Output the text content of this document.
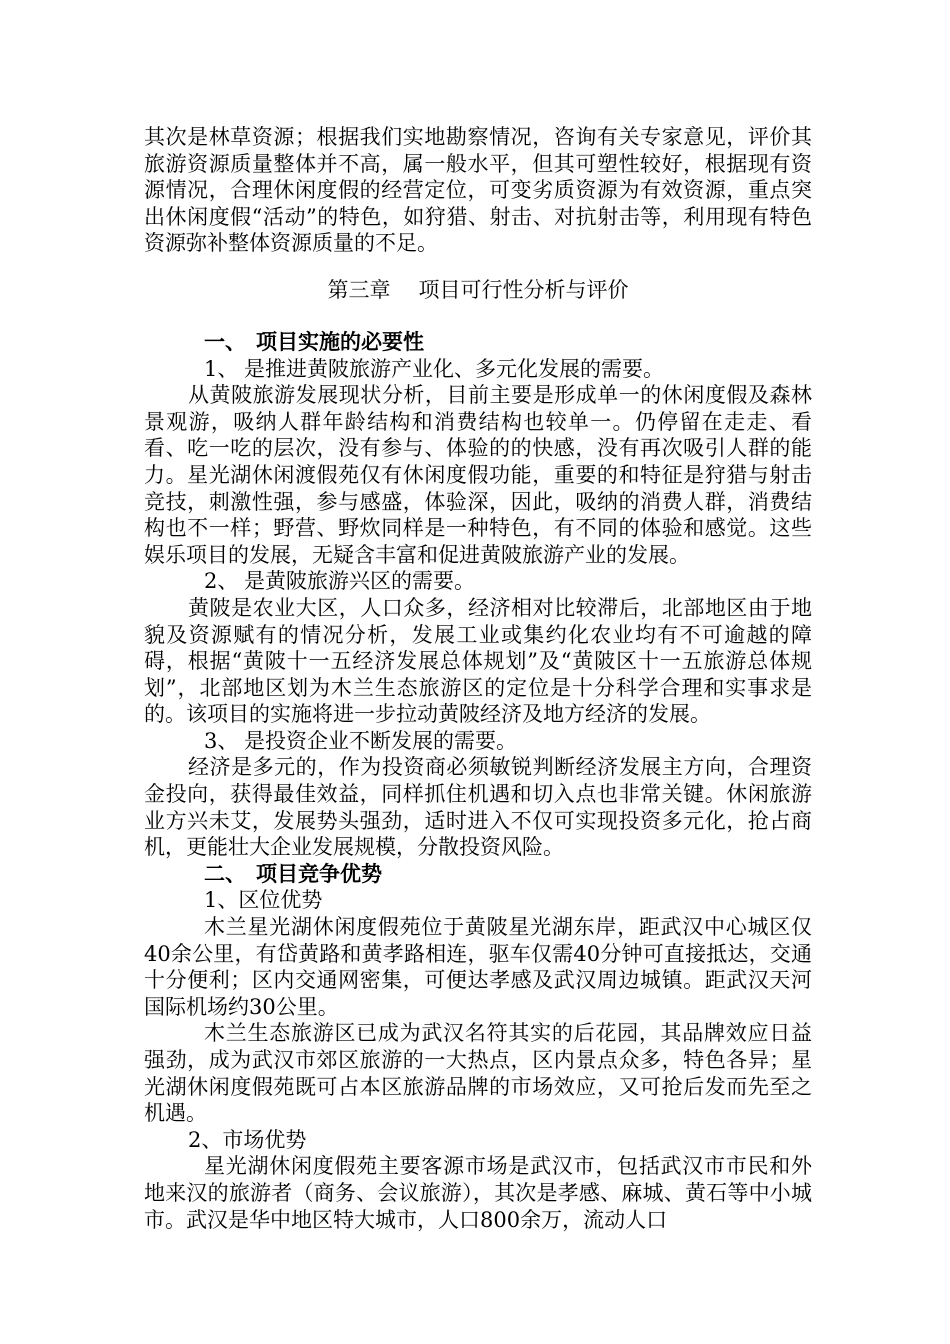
其次是林草资源；根据我们实地勘察情况，咨询有关专家意见，评价其旅游资源质量整体并不高，属一般水平，但其可塑性较好，根据现有资源情况，合理休闲度假的经营定位，可变劣质资源为有效资源，重点突出休闲度假“活动”的特色，如狩猎、射击、对抗射击等，利用现有特色资源弥补整体资源质量的不足。

第三章 项目可行性分析与评价
一、 项目实施的必要性
1、 是推进黄陂旅游产业化、多元化发展的需要。

从黄陂旅游发展现状分析，目前主要是形成单一的休闲度假及森林景观游，吸纳人群年龄结构和消费结构也较单一。仍停留在走走、看看、吃一吃的层次，没有参与、体验的的快感，没有再次吸引人群的能力。星光湖休闲渡假苑仅有休闲度假功能，重要的和特征是狩猎与射击竞技，刺激性强，参与感盛，体验深，因此，吸纳的消费人群，消费结构也不一样；野营、野炊同样是一种特色，有不同的体验和感觉。这些娱乐项目的发展，无疑含丰富和促进黄陂旅游产业的发展。

2、 是黄陂旅游兴区的需要。

黄陂是农业大区，人口众多，经济相对比较滞后，北部地区由于地貌及资源赋有的情况分析，发展工业或集约化农业均有不可逾越的障碍，根据“黄陂十一五经济发展总体规划”及“黄陂区十一五旅游总体规划”，北部地区划为木兰生态旅游区的定位是十分科学合理和实事求是的。该项目的实施将进一步拉动黄陂经济及地方经济的发展。

3、 是投资企业不断发展的需要。

经济是多元的，作为投资商必须敏锐判断经济发展主方向，合理资金投向，获得最佳效益，同样抓住机遇和切入点也非常关键。休闲旅游业方兴未艾，发展势头强劲，适时进入不仅可实现投资多元化，抢占商机，更能壮大企业发展规模，分散投资风险。

二、 项目竞争优势
1、区位优势

木兰星光湖休闲度假苑位于黄陂星光湖东岸，距武汉中心城区仅40余公里，有岱黄路和黄孝路相连，驱车仅需40分钟可直接抵达，交通十分便利；区内交通网密集，可便达孝感及武汉周边城镇。距武汉天河国际机场约30公里。

木兰生态旅游区已成为武汉名符其实的后花园，其品牌效应日益强劲，成为武汉市郊区旅游的一大热点，区内景点众多，特色各异；星光湖休闲度假苑既可占本区旅游品牌的市场效应，又可抢后发而先至之机遇。

2、市场优势

星光湖休闲度假苑主要客源市场是武汉市，包括武汉市市民和外地来汉的旅游者（商务、会议旅游），其次是孝感、麻城、黄石等中小城市。武汉是华中地区特大城市，人口800余万，流动人口
